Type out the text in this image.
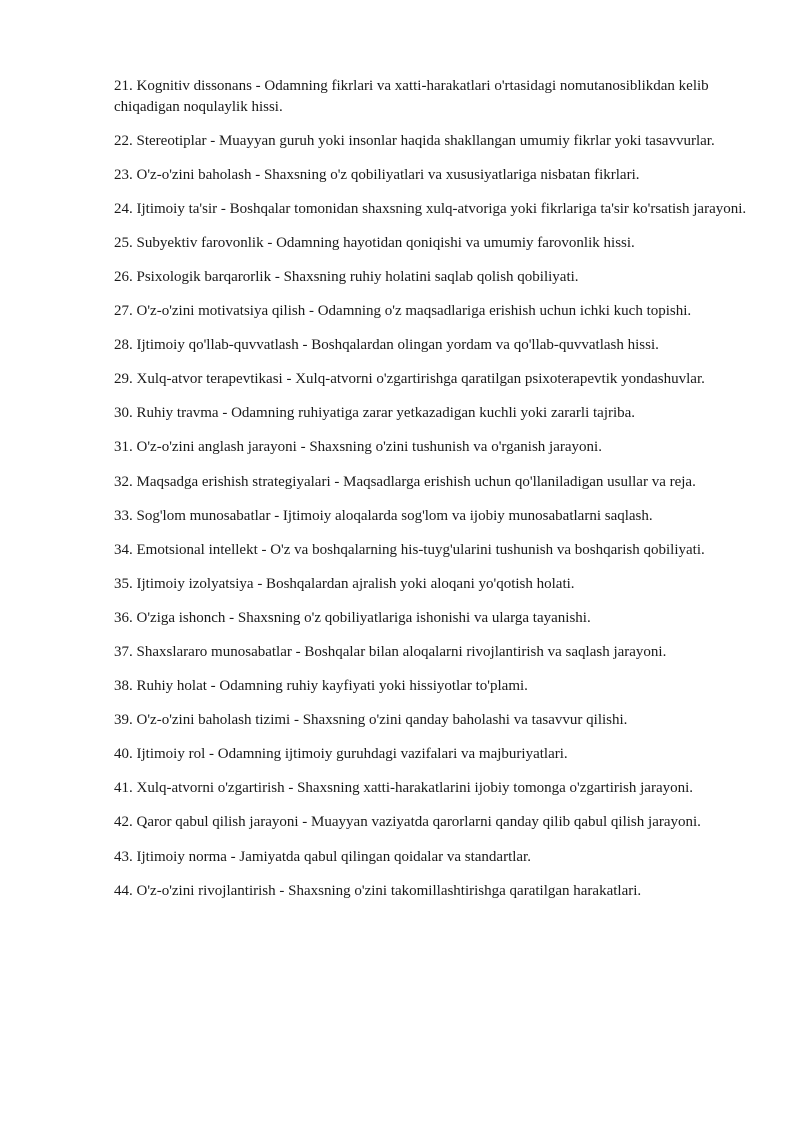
21. Kognitiv dissonans - Odamning fikrlari va xatti-harakatlari o'rtasidagi nomutanosiblikdan kelib chiqadigan noqulaylik hissi.
22. Stereotiplar - Muayyan guruh yoki insonlar haqida shakllangan umumiy fikrlar yoki tasavvurlar.
23. O'z-o'zini baholash - Shaxsning o'z qobiliyatlari va xususiyatlariga nisbatan fikrlari.
24. Ijtimoiy ta'sir - Boshqalar tomonidan shaxsning xulq-atvoriga yoki fikrlariga ta'sir ko'rsatish jarayoni.
25. Subyektiv farovonlik - Odamning hayotidan qoniqishi va umumiy farovonlik hissi.
26. Psixologik barqarorlik - Shaxsning ruhiy holatini saqlab qolish qobiliyati.
27. O'z-o'zini motivatsiya qilish - Odamning o'z maqsadlariga erishish uchun ichki kuch topishi.
28. Ijtimoiy qo'llab-quvvatlash - Boshqalardan olingan yordam va qo'llab-quvvatlash hissi.
29. Xulq-atvor terapevtikasi - Xulq-atvorni o'zgartirishga qaratilgan psixoterapevtik yondashuvlar.
30. Ruhiy travma - Odamning ruhiyatiga zarar yetkazadigan kuchli yoki zararli tajriba.
31. O'z-o'zini anglash jarayoni - Shaxsning o'zini tushunish va o'rganish jarayoni.
32. Maqsadga erishish strategiyalari - Maqsadlarga erishish uchun qo'llaniladigan usullar va reja.
33. Sog'lom munosabatlar - Ijtimoiy aloqalarda sog'lom va ijobiy munosabatlarni saqlash.
34. Emotsional intellekt - O'z va boshqalarning his-tuyg'ularini tushunish va boshqarish qobiliyati.
35. Ijtimoiy izolyatsiya - Boshqalardan ajralish yoki aloqani yo'qotish holati.
36. O'ziga ishonch - Shaxsning o'z qobiliyatlariga ishonishi va ularga tayanishi.
37. Shaxslararo munosabatlar - Boshqalar bilan aloqalarni rivojlantirish va saqlash jarayoni.
38. Ruhiy holat - Odamning ruhiy kayfiyati yoki hissiyotlar to'plami.
39. O'z-o'zini baholash tizimi - Shaxsning o'zini qanday baholashi va tasavvur qilishi.
40. Ijtimoiy rol - Odamning ijtimoiy guruhdagi vazifalari va majburiyatlari.
41. Xulq-atvorni o'zgartirish - Shaxsning xatti-harakatlarini ijobiy tomonga o'zgartirish jarayoni.
42. Qaror qabul qilish jarayoni - Muayyan vaziyatda qarorlarni qanday qilib qabul qilish jarayoni.
43. Ijtimoiy norma - Jamiyatda qabul qilingan qoidalar va standartlar.
44. O'z-o'zini rivojlantirish - Shaxsning o'zini takomillashtirishga qaratilgan harakatlari.
